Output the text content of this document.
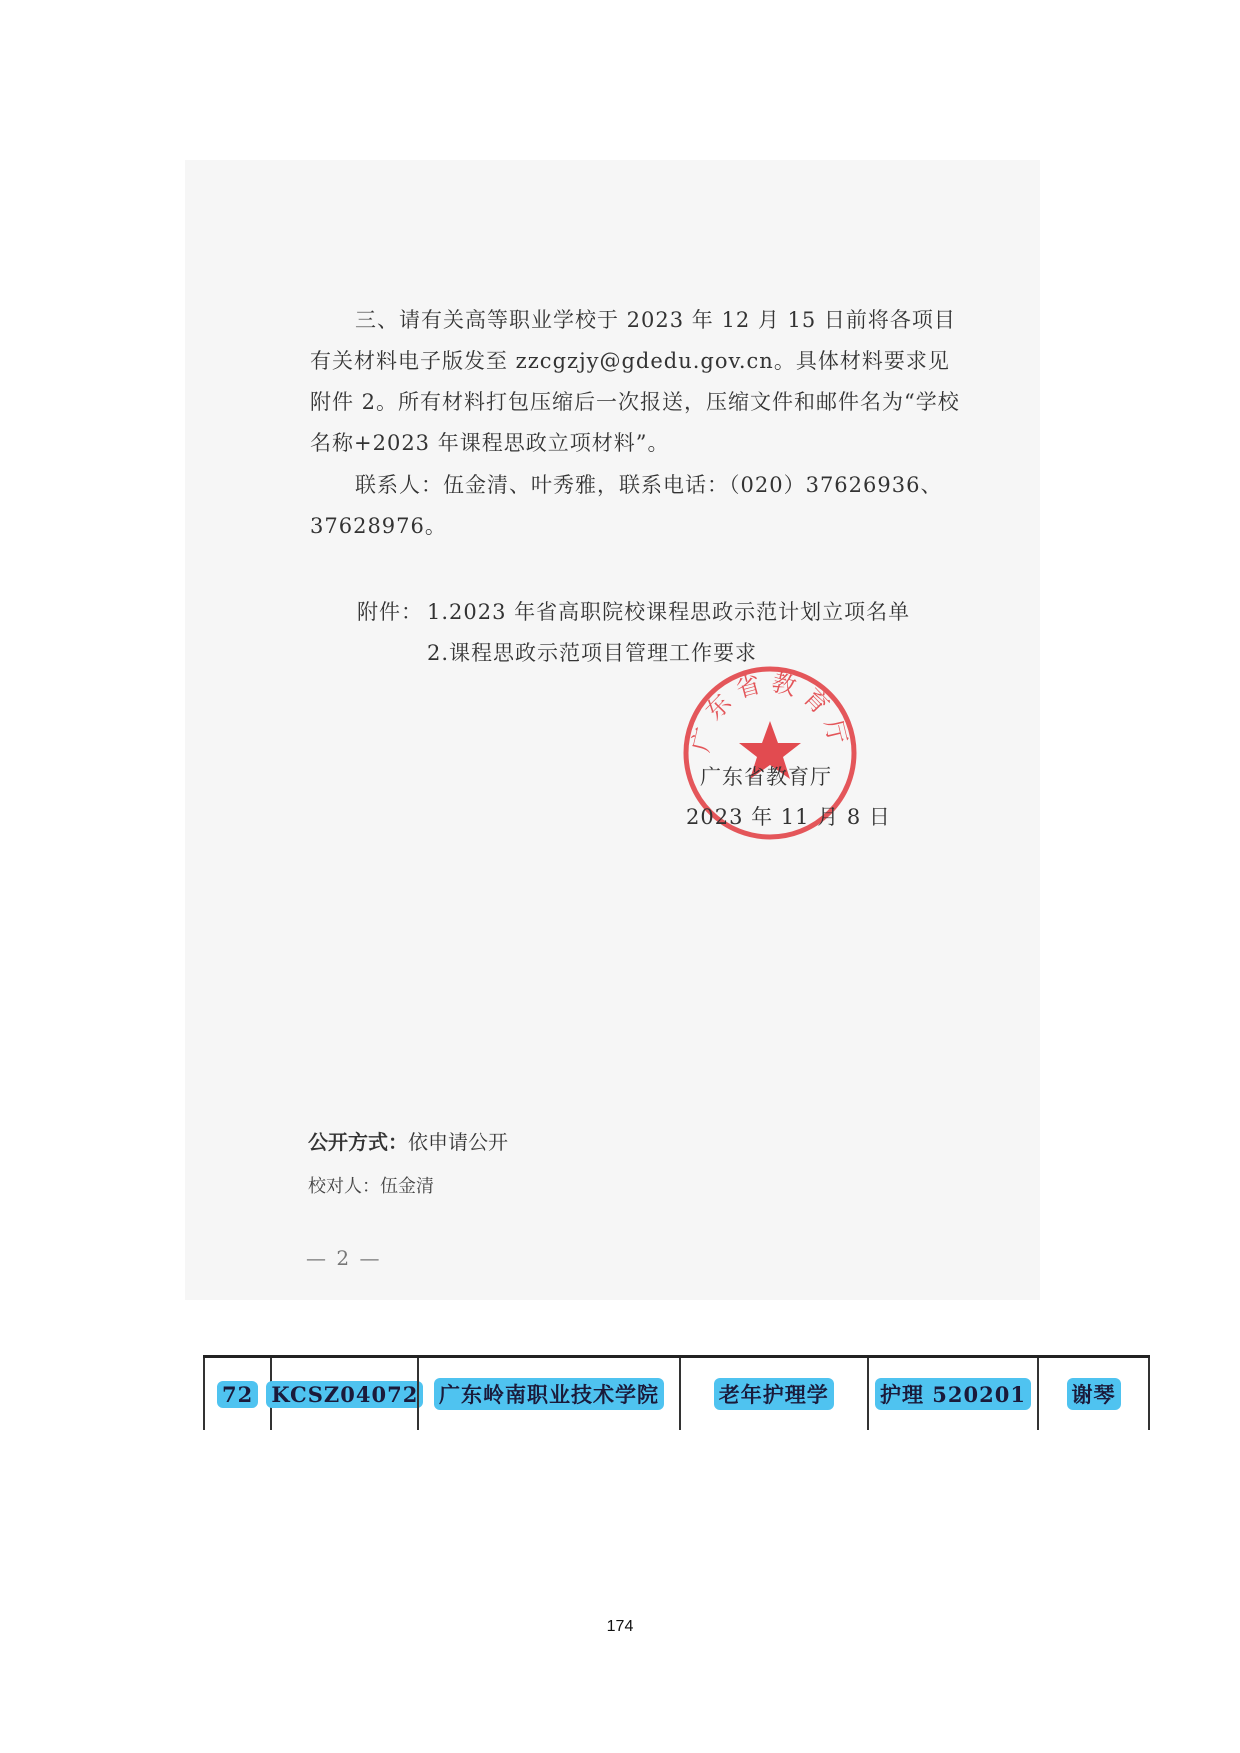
三、请有关高等职业学校于 2023 年 12 月 15 日前将各项目有关材料电子版发至 zzcgzjy@gdedu.gov.cn。具体材料要求见附件 2。所有材料打包压缩后一次报送，压缩文件和邮件名为“学校名称+2023 年课程思政立项材料”。
联系人：伍金清、叶秀雅，联系电话：（020）37626936、37628976。
附件： 1.2023 年省高职院校课程思政示范计划立项名单
2.课程思政示范项目管理工作要求
广东省教育厅
广东省教育厅
2023 年 11 月 8 日
公开方式：依申请公开
校对人：伍金清
— 2 —
72 KCSZ04072 广东岭南职业技术学院	老年护理学 护理 520201 谢琴
174
